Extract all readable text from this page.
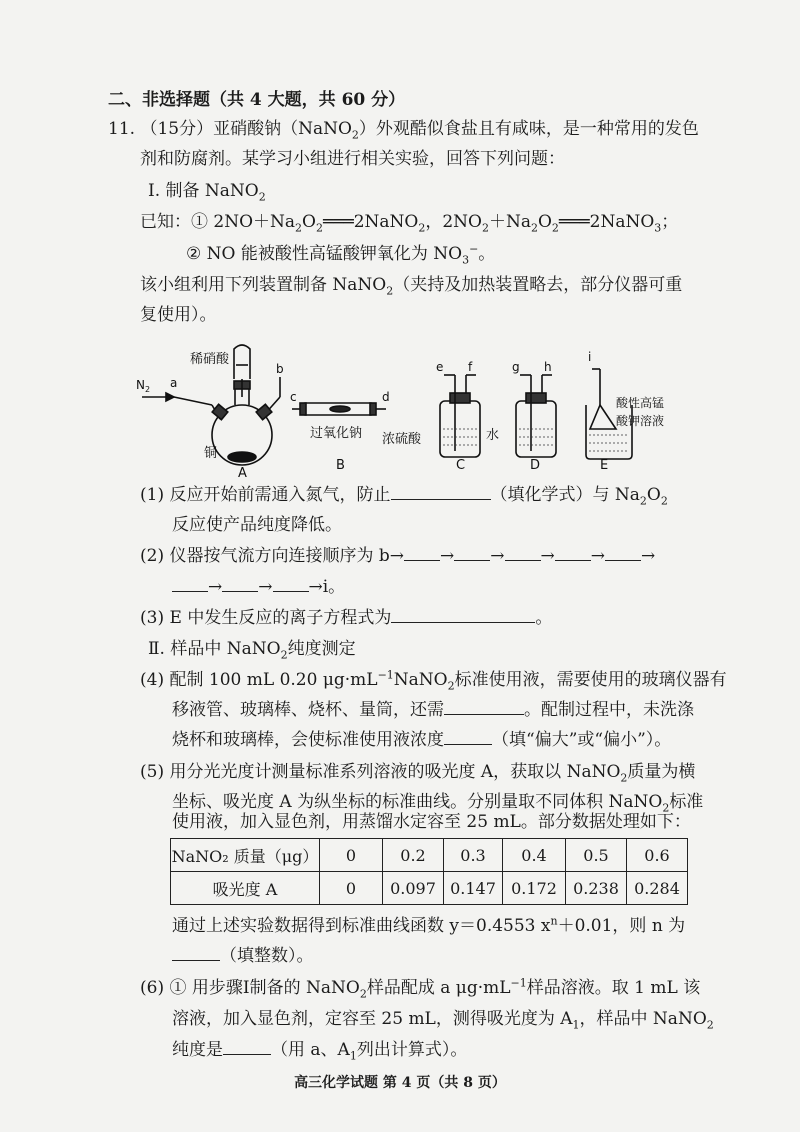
二、非选择题（共 4 大题，共 60 分）
11. （15分）亚硝酸钠（NaNO$_2$）外观酷似食盐且有咸味，是一种常用的发色
剂和防腐剂。某学习小组进行相关实验，回答下列问题：
Ⅰ. 制备 NaNO$_2$
已知：① $2NO+Na_2O_2═══2NaNO_2$，$2NO_2+Na_2O_2═══2NaNO_3$；
② NO 能被酸性高锰酸钾氧化为 $NO_3^-$。
该小组利用下列装置制备 NaNO$_2$（夹持及加热装置略去，部分仪器可重
复使用）。
$N_2$ a
稀硝酸
b
铜
A
c	d
过氧化钠
B
e f
浓硫酸
C
g h
水
D
i
酸性高锰
酸钾溶液
E
(1) 反应开始前需通入氮气，防止	（填化学式）与 $Na_2O_2$
反应使产品纯度降低。
(2) 仪器按气流方向连接顺序为 b→ → → → → →
→ → →i。
(3) E 中发生反应的离子方程式为	。
Ⅱ. 样品中 NaNO$_2$纯度测定
(4) 配制 100 mL 0.20 $\mu g\cdot mL^{-1}NaNO_2$标准使用液，需要使用的玻璃仪器有
移液管、玻璃棒、烧杯、量筒，还需	。配制过程中，未洗涤
烧杯和玻璃棒，会使标准使用液浓度	（填“偏大”或“偏小”）。
(5) 用分光光度计测量标准系列溶液的吸光度 A，获取以 NaNO$_2$质量为横
坐标、吸光度 A 为纵坐标的标准曲线。分别量取不同体积 NaNO$_2$标准
使用液，加入显色剂，用蒸馏水定容至 25 mL。部分数据处理如下：
NaNO₂ 质量（μg）	0	0.2	0.3	0.4	0.5	0.6
吸光度 A	0	0.097	0.147	0.172	0.238	0.284
通过上述实验数据得到标准曲线函数 y＝0.4553 $x^n+0.01$，则 n 为
（填整数）。
(6) ① 用步骤Ⅰ制备的 NaNO$_2$样品配成 a $\mu g\cdot mL^{-1}$样品溶液。取 1 mL 该
溶液，加入显色剂，定容至 25 mL，测得吸光度为 $A_1$，样品中 NaNO$_2$
纯度是	（用 a、$A_1$列出计算式）。
高三化学试题 第 4 页（共 8 页）
